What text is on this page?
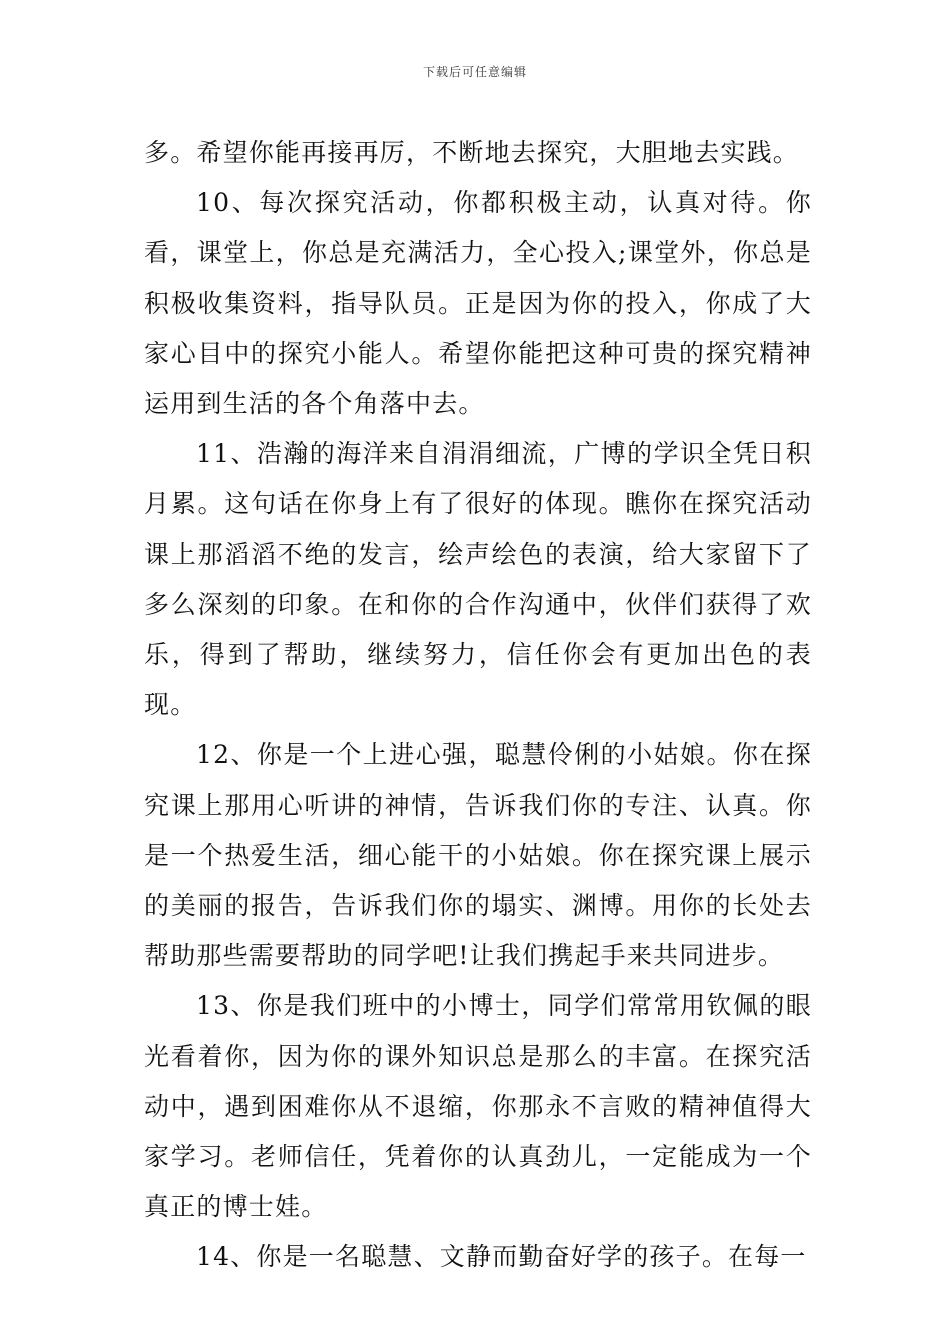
下载后可任意编辑

多。希望你能再接再厉，不断地去探究，大胆地去实践。

10、每次探究活动，你都积极主动，认真对待。你看，课堂上，你总是充满活力，全心投入;课堂外，你总是积极收集资料，指导队员。正是因为你的投入，你成了大家心目中的探究小能人。希望你能把这种可贵的探究精神运用到生活的各个角落中去。

11、浩瀚的海洋来自涓涓细流，广博的学识全凭日积月累。这句话在你身上有了很好的体现。瞧你在探究活动课上那滔滔不绝的发言，绘声绘色的表演，给大家留下了多么深刻的印象。在和你的合作沟通中，伙伴们获得了欢乐，得到了帮助，继续努力，信任你会有更加出色的表现。

12、你是一个上进心强，聪慧伶俐的小姑娘。你在探究课上那用心听讲的神情，告诉我们你的专注、认真。你是一个热爱生活，细心能干的小姑娘。你在探究课上展示的美丽的报告，告诉我们你的塌实、渊博。用你的长处去帮助那些需要帮助的同学吧!让我们携起手来共同进步。

13、你是我们班中的小博士，同学们常常用钦佩的眼光看着你，因为你的课外知识总是那么的丰富。在探究活动中，遇到困难你从不退缩，你那永不言败的精神值得大家学习。老师信任，凭着你的认真劲儿，一定能成为一个真正的博士娃。

14、你是一名聪慧、文静而勤奋好学的孩子。在每一
